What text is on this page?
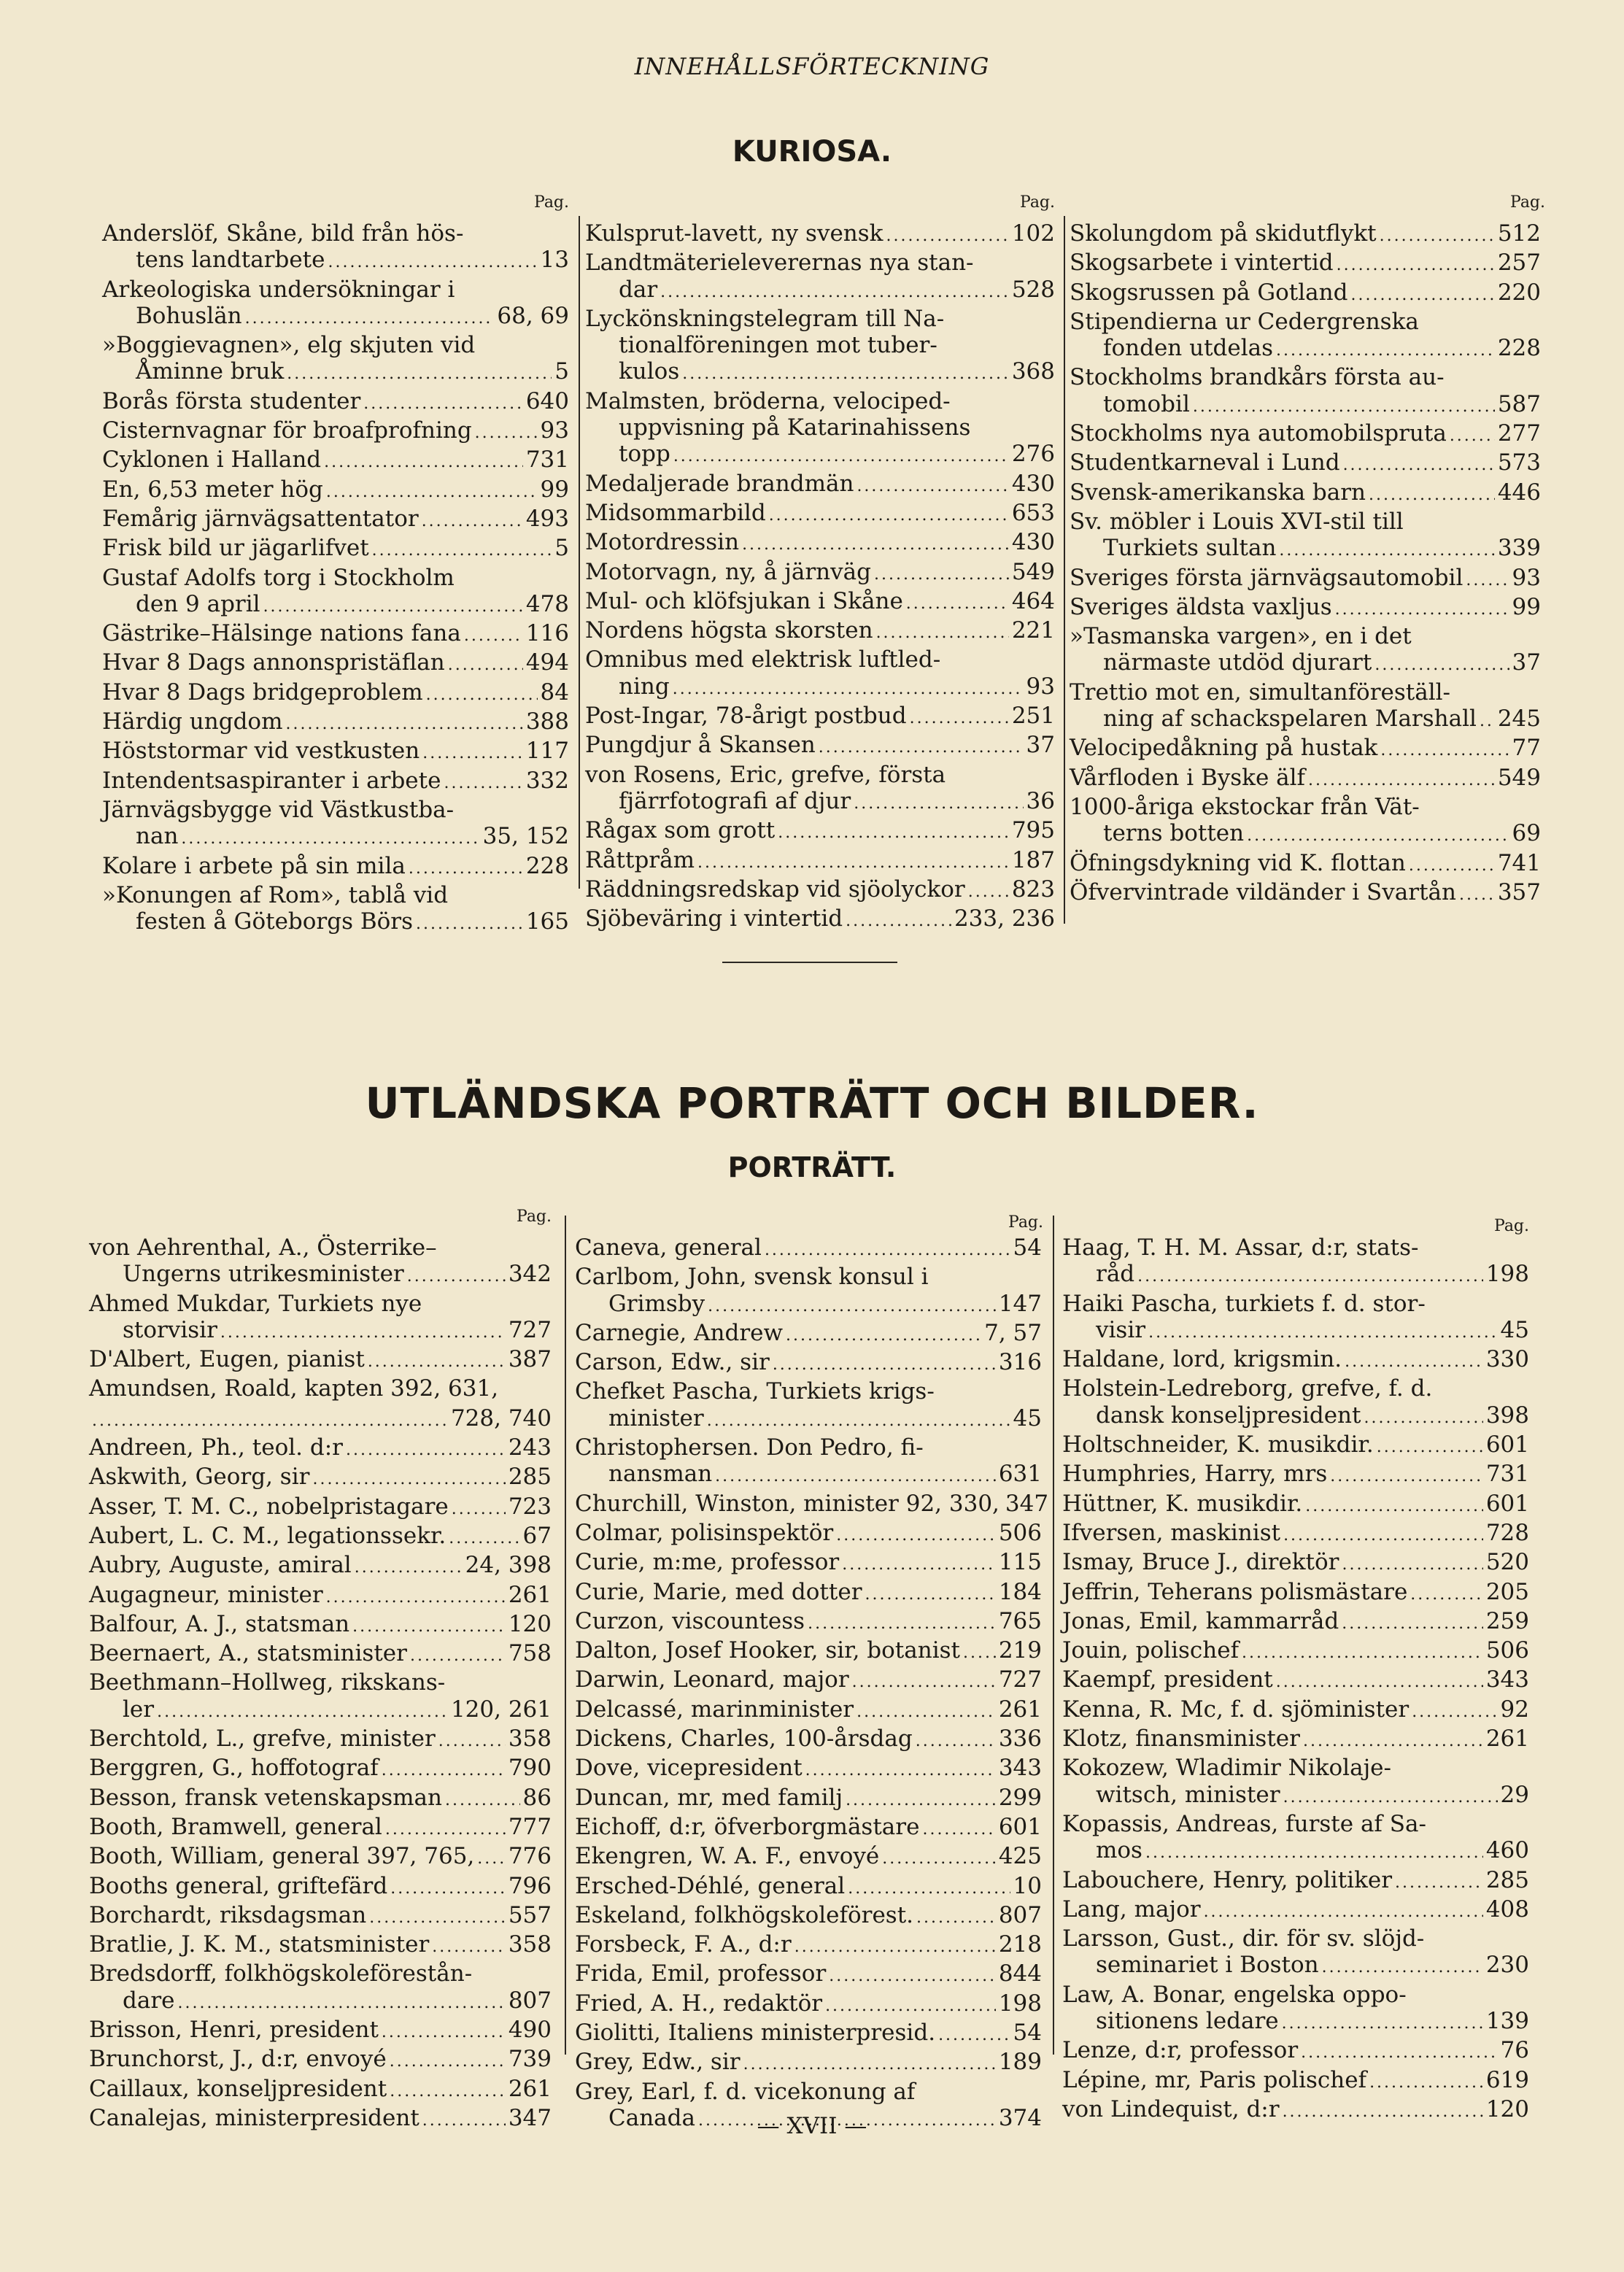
INNEHÅLLSFÖRTECKNING
KURIOSA.
Pag.	Pag.	Pag.
Anderslöf, Skåne, bild från hös-
tens landtarbete .....	13
Arkeologiska undersökningar i
Bohuslän .....	68, 69
»Boggievagnen», elg skjuten vid
Åminne bruk .....	5
Borås första studenter .....	640
Cisternvagnar för broafprofning .....	93
Cyklonen i Halland .....	731
En, 6,53 meter hög .....	99
Femårig järnvägsattentator .....	493
Frisk bild ur jägarlifvet .....	5
Gustaf Adolfs torg i Stockholm
den 9 april .....	478
Gästrike–Hälsinge nations fana .....	116
Hvar 8 Dags annonspristäflan .....	494
Hvar 8 Dags bridgeproblem .....	84
Härdig ungdom .....	388
Höststormar vid vestkusten .....	117
Intendentsaspiranter i arbete .....	332
Järnvägsbygge vid Västkustba-
nan .....	35, 152
Kolare i arbete på sin mila .....	228
»Konungen af Rom», tablå vid
festen å Göteborgs Börs .....	165
Kulsprut-lavett, ny svensk .....	102
Landtmäterieleverernas nya stan-
dar .....	528
Lyckönskningstelegram till Na-
tionalföreningen mot tuber-
kulos .....	368
Malmsten, bröderna, velociped-
uppvisning på Katarinahissens
topp .....	276
Medaljerade brandmän .....	430
Midsommarbild .....	653
Motordressin .....	430
Motorvagn, ny, å järnväg .....	549
Mul- och klöfsjukan i Skåne .....	464
Nordens högsta skorsten .....	221
Omnibus med elektrisk luftled-
ning .....	93
Post-Ingar, 78-årigt postbud .....	251
Pungdjur å Skansen .....	37
von Rosens, Eric, grefve, första
fjärrfotografi af djur .....	36
Rågax som grott .....	795
Råttpråm .....	187
Räddningsredskap vid sjöolyckor ..... 823
Sjöbeväring i vintertid .....	233, 236
Skolungdom på skidutflykt .....	512
Skogsarbete i vintertid .....	257
Skogsrussen på Gotland .....	220
Stipendierna ur Cedergrenska
fonden utdelas .....	228
Stockholms brandkårs första au-
tomobil .....	587
Stockholms nya automobilspruta ..... 277
Studentkarneval i Lund .....	573
Svensk-amerikanska barn .....	446
Sv. möbler i Louis XVI-stil till
Turkiets sultan .....	339
Sveriges första järnvägsautomobil ..... 93
Sveriges äldsta vaxljus .....	99
»Tasmanska vargen», en i det
närmaste utdöd djurart .....	37
Trettio mot en, simultanföreställ-
ning af schackspelaren Marshall ..... 245
Velocipedåkning på hustak .....	77
Vårfloden i Byske älf .....	549
1000-åriga ekstockar från Vät-
terns botten .....	69
Öfningsdykning vid K. flottan .....	741
Öfvervintrade vildänder i Svartån ..... 357
UTLÄNDSKA PORTRÄTT OCH BILDER.
PORTRÄTT.
Pag.	Pag.	Pag.
von Aehrenthal, A., Österrike–
Ungerns utrikesminister .....	342
Ahmed Mukdar, Turkiets nye
storvisir .....	727
D'Albert, Eugen, pianist .....	387
Amundsen, Roald, kapten 392, 631,
.....
728, 740
Andreen, Ph., teol. d:r .....	243
Askwith, Georg, sir .....	285
Asser, T. M. C., nobelpristagare .....	723
Aubert, L. C. M., legationssekr. .....	67
Aubry, Auguste, amiral .....	24, 398
Augagneur, minister .....	261
Balfour, A. J., statsman .....	120
Beernaert, A., statsminister .....	758
Beethmann–Hollweg, rikskans-
ler .....	120, 261
Berchtold, L., grefve, minister .....	358
Berggren, G., hoffotograf .....	790
Besson, fransk vetenskapsman .....	86
Booth, Bramwell, general .....	777
Booth, William, general 397, 765, ..... 776
Booths general, griftefärd .....	796
Borchardt, riksdagsman .....	557
Bratlie, J. K. M., statsminister .....	358
Bredsdorff, folkhögskoleförestån-
dare .....	807
Brisson, Henri, president .....	490
Brunchorst, J., d:r, envoyé .....	739
Caillaux, konseljpresident .....	261
Canalejas, ministerpresident .....	347
Caneva, general .....	54
Carlbom, John, svensk konsul i
Grimsby .....	147
Carnegie, Andrew .....	7, 57
Carson, Edw., sir .....	316
Chefket Pascha, Turkiets krigs-
minister .....	45
Christophersen. Don Pedro, fi-
nansman .....	631
Churchill, Winston, minister 92, 330, 347
Colmar, polisinspektör .....	506
Curie, m:me, professor .....	115
Curie, Marie, med dotter .....	184
Curzon, viscountess .....	765
Dalton, Josef Hooker, sir, botanist ..... 219
Darwin, Leonard, major .....	727
Delcassé, marinminister .....	261
Dickens, Charles, 100-årsdag .....	336
Dove, vicepresident .....	343
Duncan, mr, med familj .....	299
Eichoff, d:r, öfverborgmästare .....	601
Ekengren, W. A. F., envoyé .....	425
Ersched-Déhlé, general .....	10
Eskeland, folkhögskoleförest. .....	807
Forsbeck, F. A., d:r .....	218
Frida, Emil, professor .....	844
Fried, A. H., redaktör .....	198
Giolitti, Italiens ministerpresid. .....	54
Grey, Edw., sir .....	189
Grey, Earl, f. d. vicekonung af
Canada .....	374
Haag, T. H. M. Assar, d:r, stats-
råd .....	198
Haiki Pascha, turkiets f. d. stor-
visir .....	45
Haldane, lord, krigsmin. .....	330
Holstein-Ledreborg, grefve, f. d.
dansk konseljpresident .....	398
Holtschneider, K. musikdir. .....	601
Humphries, Harry, mrs .....	731
Hüttner, K. musikdir. .....	601
Ifversen, maskinist .....	728
Ismay, Bruce J., direktör .....	520
Jeffrin, Teherans polismästare .....	205
Jonas, Emil, kammarråd .....	259
Jouin, polischef .....	506
Kaempf, president .....	343
Kenna, R. Mc, f. d. sjöminister .....	92
Klotz, finansminister .....	261
Kokozew, Wladimir Nikolaje-
witsch, minister .....	29
Kopassis, Andreas, furste af Sa-
mos .....	460
Labouchere, Henry, politiker .....	285
Lang, major .....	408
Larsson, Gust., dir. för sv. slöjd-
seminariet i Boston .....	230
Law, A. Bonar, engelska oppo-
sitionens ledare .....	139
Lenze, d:r, professor .....	76
Lépine, mr, Paris polischef .....	619
von Lindequist, d:r .....	120
— XVII —
